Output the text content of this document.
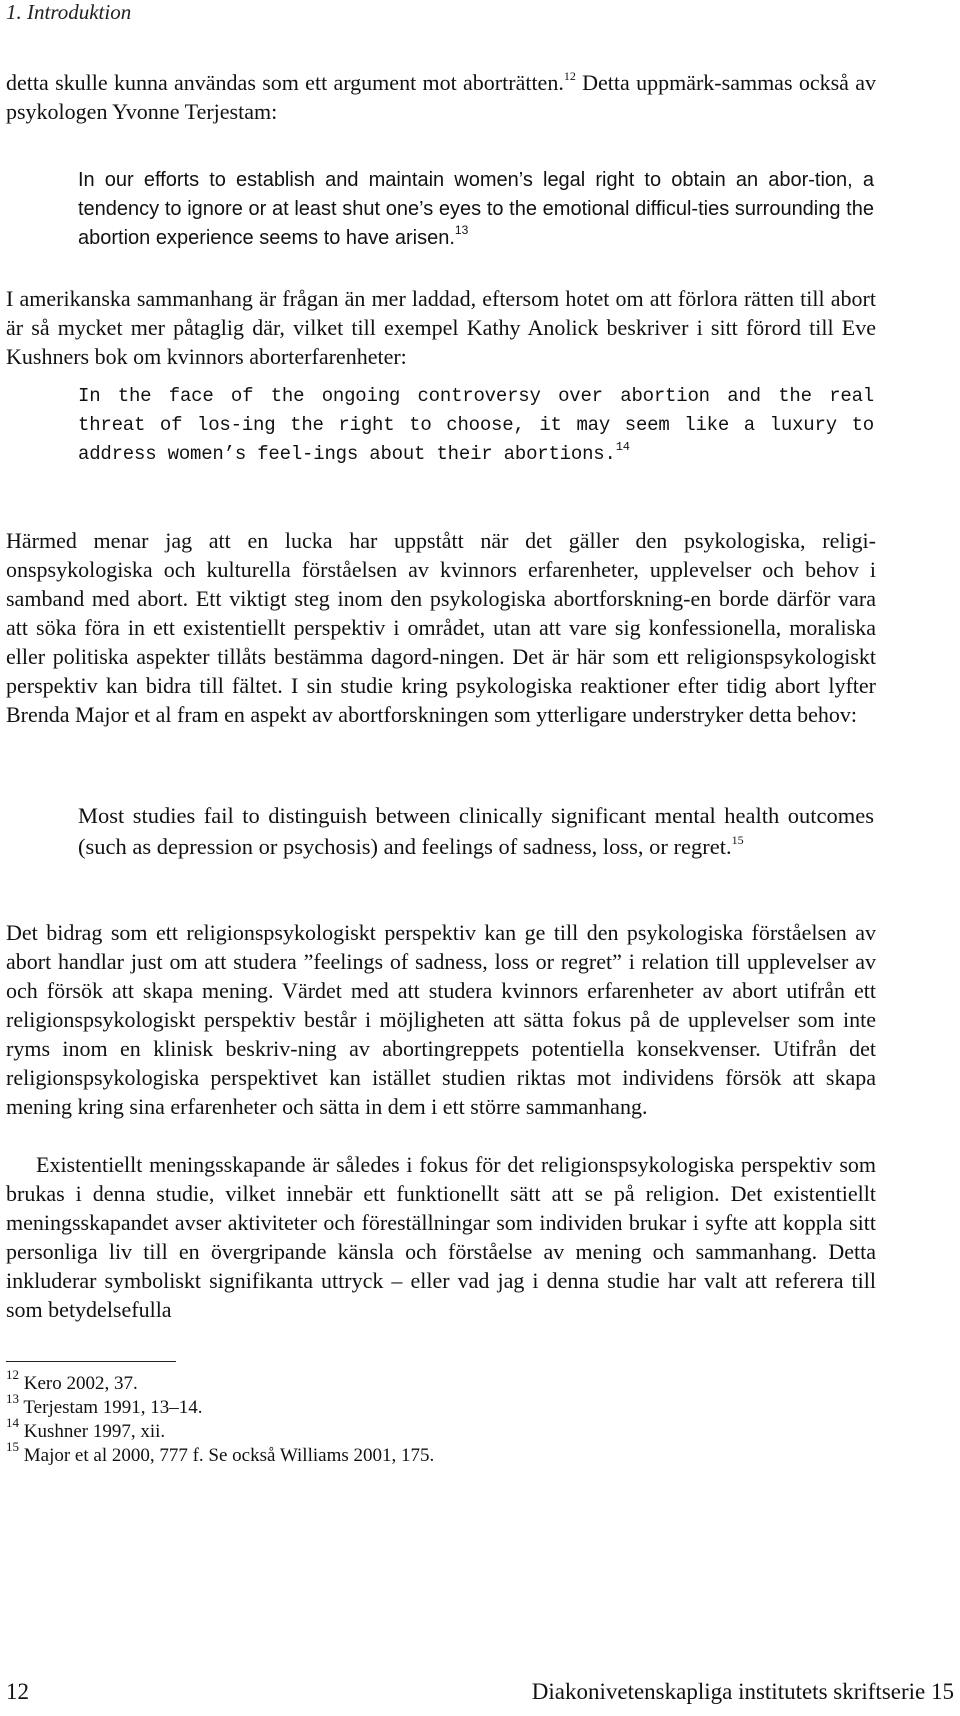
1. Introduktion

detta skulle kunna användas som ett argument mot aborträtten.$^{12}$ Detta uppmärk-sammas också av psykologen Yvonne Terjestam:

In our efforts to establish and maintain women’s legal right to obtain an abor-tion, a tendency to ignore or at least shut one’s eyes to the emotional difficul-ties surrounding the abortion experience seems to have arisen.$^{13}$

I amerikanska sammanhang är frågan än mer laddad, eftersom hotet om att förlora rätten till abort är så mycket mer påtaglig där, vilket till exempel Kathy Anolick beskriver i sitt förord till Eve Kushners bok om kvinnors aborterfarenheter:

In the face of the ongoing controversy over abortion and the real threat of los-ing the right to choose, it may seem like a luxury to address women’s feel-ings about their abortions.$^{14}$

Härmed menar jag att en lucka har uppstått när det gäller den psykologiska, religi-onspsykologiska och kulturella förståelsen av kvinnors erfarenheter, upplevelser och behov i samband med abort. Ett viktigt steg inom den psykologiska abortforskning-en borde därför vara att söka föra in ett existentiellt perspektiv i området, utan att vare sig konfessionella, moraliska eller politiska aspekter tillåts bestämma dagord-ningen. Det är här som ett religionspsykologiskt perspektiv kan bidra till fältet. I sin studie kring psykologiska reaktioner efter tidig abort lyfter Brenda Major et al fram en aspekt av abortforskningen som ytterligare understryker detta behov:

Most studies fail to distinguish between clinically significant mental health outcomes (such as depression or psychosis) and feelings of sadness, loss, or regret.$^{15}$

Det bidrag som ett religionspsykologiskt perspektiv kan ge till den psykologiska förståelsen av abort handlar just om att studera ”feelings of sadness, loss or regret” i relation till upplevelser av och försök att skapa mening. Värdet med att studera kvinnors erfarenheter av abort utifrån ett religionspsykologiskt perspektiv består i möjligheten att sätta fokus på de upplevelser som inte ryms inom en klinisk beskriv-ning av abortingreppets potentiella konsekvenser. Utifrån det religionspsykologiska perspektivet kan istället studien riktas mot individens försök att skapa mening kring sina erfarenheter och sätta in dem i ett större sammanhang.

Existentiellt meningsskapande är således i fokus för det religionspsykologiska perspektiv som brukas i denna studie, vilket innebär ett funktionellt sätt att se på religion. Det existentiellt meningsskapandet avser aktiviteter och föreställningar som individen brukar i syfte att koppla sitt personliga liv till en övergripande känsla och förståelse av mening och sammanhang. Detta inkluderar symboliskt signifikanta uttryck – eller vad jag i denna studie har valt att referera till som betydelsefulla

$^{12}$ Kero 2002, 37.
$^{13}$ Terjestam 1991, 13–14.
$^{14}$ Kushner 1997, xii.
$^{15}$ Major et al 2000, 777 f. Se också Williams 2001, 175.
12	Diakonivetenskapliga institutets skriftserie 15
